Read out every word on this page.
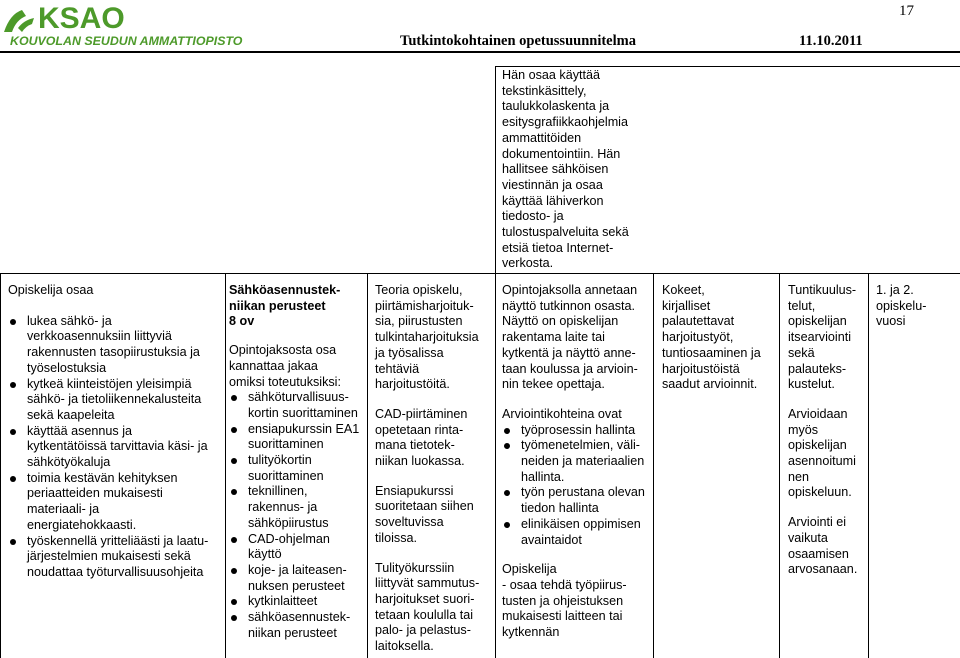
KSAO
KOUVOLAN SEUDUN AMMATTIOPISTO
17
Tutkintokohtainen opetussuunnitelma	11.10.2011
Hän osaa käyttää
tekstinkäsittely,
taulukkolaskenta ja
esitysgrafiikkaohjelmia
ammattitöiden
dokumentointiin. Hän
hallitsee sähköisen
viestinnän ja osaa
käyttää lähiverkon
tiedosto- ja
tulostuspalveluita sekä
etsiä tietoa Internet-
verkosta.
Opiskelija osaa
lukea sähkö- ja
verkkoasennuksiin liittyviä
rakennusten tasopiirustuksia ja
työselostuksia
kytkeä kiinteistöjen yleisimpiä
sähkö- ja tietoliikennekalusteita
sekä kaapeleita
käyttää asennus ja
kytkentätöissä tarvittavia käsi- ja
sähkötyökaluja
toimia kestävän kehityksen
periaatteiden mukaisesti
materiaali- ja
energiatehokkaasti.
työskennellä yritteliäästi ja laatu-
järjestelmien mukaisesti sekä
noudattaa työturvallisuusohjeita
Sähköasennustek-
niikan perusteet
8 ov
Opintojaksosta osa
kannattaa jakaa
omiksi toteutuksiksi:
sähköturvallisuus-
kortin suorittaminen
ensiapukurssin EA1
suorittaminen
tulityökortin
suorittaminen
teknillinen,
rakennus- ja
sähköpiirustus
CAD-ohjelman
käyttö
koje- ja laiteasen-
nuksen perusteet
kytkinlaitteet
sähköasennustek-
niikan perusteet
Teoria opiskelu,
piirtämisharjoituk-
sia, piirustusten
tulkintaharjoituksia
ja työsalissa
tehtäviä
harjoitustöitä.
CAD-piirtäminen
opetetaan rinta-
mana tietotek-
niikan luokassa.
Ensiapukurssi
suoritetaan siihen
soveltuvissa
tiloissa.
Tulityökurssiin
liittyvät sammutus-
harjoitukset suori-
tetaan koululla tai
palo- ja pelastus-
laitoksella.
Opintojaksolla annetaan
näyttö tutkinnon osasta.
Näyttö on opiskelijan
rakentama laite tai
kytkentä ja näyttö anne-
taan koulussa ja arvioin-
nin tekee opettaja.
Arviointikohteina ovat
työprosessin hallinta
työmenetelmien, väli-
neiden ja materiaalien
hallinta.
työn perustana olevan
tiedon hallinta
elinikäisen oppimisen
avaintaidot
Opiskelija
- osaa tehdä työpiirus-
tusten ja ohjeistuksen
mukaisesti laitteen tai
kytkennän
Kokeet,
kirjalliset
palautettavat
harjoitustyöt,
tuntiosaaminen ja
harjoitustöistä
saadut arvioinnit.
Tuntikuulus-
telut,
opiskelijan
itsearviointi
sekä
palauteks-
kustelut.
Arvioidaan
myös
opiskelijan
asennoitumi
nen
opiskeluun.
Arviointi ei
vaikuta
osaamisen
arvosanaan.
1. ja 2.
opiskelu-
vuosi
